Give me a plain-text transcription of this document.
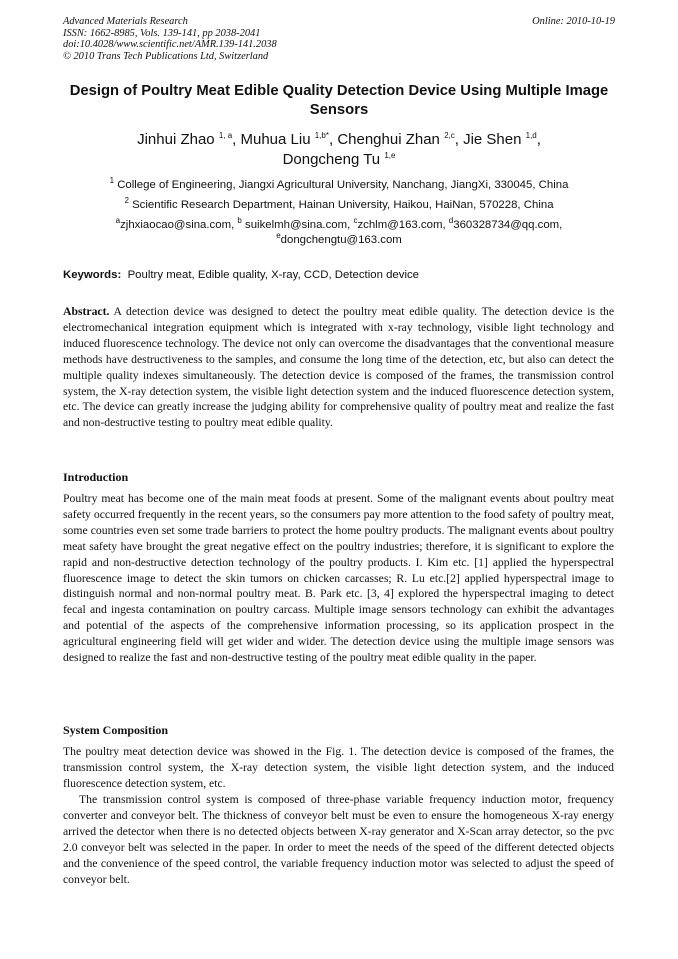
Advanced Materials Research
ISSN: 1662-8985, Vols. 139-141, pp 2038-2041
doi:10.4028/www.scientific.net/AMR.139-141.2038
© 2010 Trans Tech Publications Ltd, Switzerland
Online: 2010-10-19
Design of Poultry Meat Edible Quality Detection Device Using Multiple Image Sensors
Jinhui Zhao $^{1, a}$, Muhua Liu $^{1,b*}$, Chenghui Zhan $^{2,c}$, Jie Shen $^{1,d}$,
Dongcheng Tu $^{1,e}$
$^1$ College of Engineering, Jiangxi Agricultural University, Nanchang, JiangXi, 330045, China
$^2$ Scientific Research Department, Hainan University, Haikou, HaiNan, 570228, China
$^a$zjhxiaocao@sina.com, $^b$ suikelmh@sina.com, $^c$zchlm@163.com, $^d$360328734@qq.com,
$^e$dongchengtu@163.com
Keywords: Poultry meat, Edible quality, X-ray, CCD, Detection device
Abstract. A detection device was designed to detect the poultry meat edible quality. The detection device is the electromechanical integration equipment which is integrated with x-ray technology, visible light technology and induced fluorescence technology. The device not only can overcome the disadvantages that the conventional measure methods have destructiveness to the samples, and consume the long time of the detection, etc, but also can detect the multiple quality indexes simultaneously. The detection device is composed of the frames, the transmission control system, the X-ray detection system, the visible light detection system and the induced fluorescence detection system, etc. The device can greatly increase the judging ability for comprehensive quality of poultry meat and realize the fast and non-destructive testing to poultry meat edible quality.
Introduction
Poultry meat has become one of the main meat foods at present. Some of the malignant events about poultry meat safety occurred frequently in the recent years, so the consumers pay more attention to the food safety of poultry meat, some countries even set some trade barriers to protect the home poultry products. The malignant events about poultry meat safety have brought the great negative effect on the poultry industries; therefore, it is significant to explore the rapid and non-destructive detection technology of the poultry products. I. Kim etc. [1] applied the hyperspectral fluorescence image to detect the skin tumors on chicken carcasses; R. Lu etc.[2] applied hyperspectral image to distinguish normal and non-normal poultry meat. B. Park etc. [3, 4] explored the hyperspectral imaging to detect fecal and ingesta contamination on poultry carcass. Multiple image sensors technology can exhibit the advantages and potential of the aspects of the comprehensive information processing, so its application prospect in the agricultural engineering field will get wider and wider. The detection device using the multiple image sensors was designed to realize the fast and non-destructive testing of the poultry meat edible quality in the paper.
System Composition
The poultry meat detection device was showed in the Fig. 1. The detection device is composed of the frames, the transmission control system, the X-ray detection system, the visible light detection system, and the induced fluorescence detection system, etc.
The transmission control system is composed of three-phase variable frequency induction motor, frequency converter and conveyor belt. The thickness of conveyor belt must be even to ensure the homogeneous X-ray energy arrived the detector when there is no detected objects between X-ray generator and X-Scan array detector, so the pvc 2.0 conveyor belt was selected in the paper. In order to meet the needs of the speed of the different detected objects and the convenience of the speed control, the variable frequency induction motor was selected to adjust the speed of conveyor belt.
